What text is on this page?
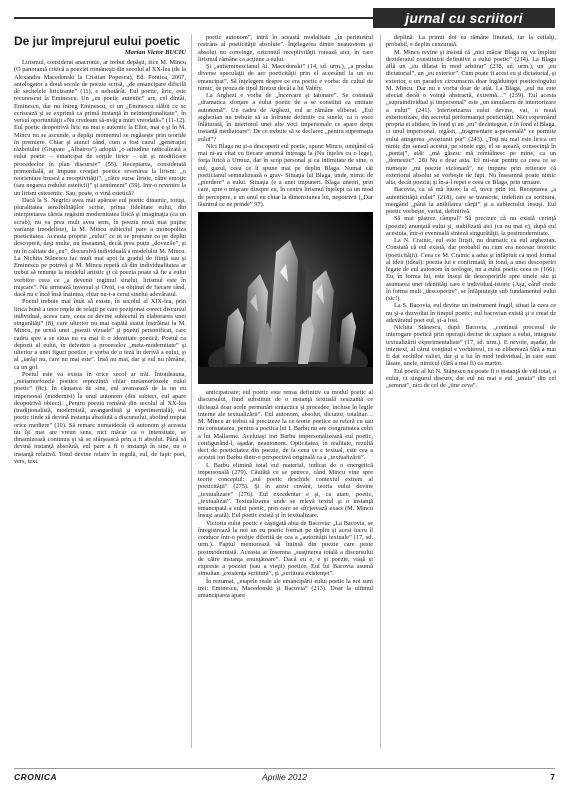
jurnal cu scriitori
De jur împrejurul eului poetic
Marian Victor BUCIU

Lirismul, considerat anacronic, ar trebui depăşit, zice M. Mincu (O panoramă critică a poeziei româneşti din secolul al XX-lea (de la Alexandru Macedonski la Cristian Popescu), Ed. Pontica, 2007, antologator a două secole de poezie scrisă, „de emancipare dificilă de sechelele liricizante” (11), e nehotărât. Eul poetic, liric, este recunoscut la Eminescu. Un „eu poetic autentic” are, cel dintâi, Eminescu, dar nu întreg Eminescu, ci un „Eminescu slăbit ce se ecrisează şi se exprimă ca primă instanţă în neintenţionalitate”, în versul oportunităţii «Nu credeam să-nvăţ a muri vreodată»” (11-12). Eul poetic deopotrivă liric nu mai e autentic la Eliot, mai e şi în M. Mincu nu se ascunde, a depăşi momentul se regăseşte prin teoriile în premiere. Chiar şi atunci când, cum a fost cazul „generaţiei războiului (Grupare „Albatros”) adoptă „o atitudine radicalizată a eului poetic – emancipat de sorţile lirice – cât şi modificare procedeelor în plan discursiv” (55). Receptarea, considerată primordială, ar impune creaţiei poetice revenirea la lirism: „o reorientare bruscă a receptivităţii”, „către surse liriste, către emoţie (sau negarea rodului esteticii)” şi sentiment” (59). Intr-o revenire la un lirism estesentic. Sau, poate, o vină estetică?

Dacă la S. Negrici avea mai apăruse eul poetic dinamic, totuşi, pluralitatea sensibilităţilor scrise, prima fidelitate eului, din interpretarea căreia regăsim modernitatea lirică şi imaginaţia (ca un scrub), nu va prea mult avea sens, în poezia nouă mai puţine varianţe (modeliste), la M. Mincu subiectul pare a monopoliza poeticitatea. Aceasta proprie „eului” ce ni se propune ca pe deplin descoperit, deşi multe, nu înseamnă, decât prea puţin „dovezile”, şi nu în calitate de „eu”, discursivă individuală a modelului M. Mincu. La Nichita Stănescu fac mult mai apoi la gradul de fiinţă sau şi Eminescu pe potrivă şi M. Mincu repetă că din individualitatea ar trebui să renunţe la modelul artistic şi că poezia poate să fie a eului vorbitor ceea ce „a devenit regimul sinelui, lirismul este în mişcare”. Nu urmează inversul şi Ovid, i-a obţinut de fiecare rând, dacă nu e încă însă înaintea, chiar nu-i-a cerut sinelui adevăratul.

Poetul trebuie mai întâi să existe, în secolul al XIX-lea, prin lirica bună a unor reţele de relaţii pe care poziţionat corect discursul individual, aceea care, ceea ce devine subiectul în elaborarea unei singurătăţi” (8), care ulterior nu mai capătă statut înstrăinat la M. Mincu, pe urmă unei „poezii vizuale” şi poetul personificat, care cadru spre a se situa nu va mai fi o identitate poetică. Poetul ca depozit al eului, în deferitor a proceselor „meta-modernitate” şi ulterior a unei figuri poetice, e vorba de o teză în derivă a eului, şi al „iarăşi nu, care nu mai este”. Însă nu mai, dar şi eul nu rămâne, ca un gol.

Poetul este va exista în orice secol ar trăi. Întotdeauna, „metamorfozele poetice reprezintă chiar metamorfozele eului poetic” (8c). În căutarea de sine, eul avansează de la un eu impersonal (modernist) la unul autonom (din subiect, eul apare deopotrivă obiect). „Pentru poezia română din secolul al XX-lea (tradiţionalistă, modernistă, avangardistă şi experimentală), eul poetic tinde să devină instanţa absolută a discursului, abolind treptat orice mediere” (10). Să remarc numaidecât că autonom şi aceasta nu îşi mai are vreun sens, nici măcar ca o intensitate, se dinamizează continuu şi să se sfârşească prin a fi absolut. Până să devină instanţă absolută, eul pare a fi o instanţă în sine, nu o instanţă relativă. Totul devine relativ în regulă, eul, de fapt: poet, vers, text.

poetic autonom”, intră în această modalitate „în perimetrul restrâns al poeticităţii absolute”. Înţelegerea dintre neautonom şi absolut nu convinge, orizontul receptivităţii rotează aici, în care lirismul rămâne ca acţiune a eului.

Şi „antieminescianul Al. Macedonski” (14, sd. urm.), „a produs diverse speculaţii de aer poeticităţii prin el accesând la un eu emancipat”. Să înţelegem despre ce era poetic e vorba: de cultul de nimic, de proza de tipul Breton decât a lui Valéry.

La Arghezi e vorba de „încercare şi tatonare”. Se constată „dramatica sforţare a eului poetic de a se constitui ca entitate autonomă”. Un cadru de Arghezi, eul ar rămâne eliberat. „Eul arghezian nu trebuie să se înfrunte definitiv cu sinele, ca o voce înlăturată, în interiorul unei alte voci impersonale ce apare drept instanţă mediatoare”. De ce trebuie să se declaree „pentru supremaţia eului”?

Nici Blaga nu şi-a descoperit eul poetic, spune Mincu, omiţând că mai ni-au citat cu fiecare amorsă întreaga la (Nu înţeles cu o lege), forţa lirică a Urmuz, dar în scop personal şi ca intimitate de sine, o eul, gazul, ceea ce îi spune mai pe deplin Blaga. Numai cât poeticianul semnalizează o grav- Situaţia lui Blaga, unde, nimic de „pierdere” a eului. Situaţia (e a unei impuneri. Blaga uneori, prin care, spre o mişcare dinspre eu, în centru lirismul înţelept ca un mod de percepere, e un unul eu chiar la dimensiunea lui, nepotrivit („Dar lăuntrul ce ne prinde” 97).

anticipatoare; eul poetic este retras definitiv ca modul poetic al discursului, fiind substituit de o instanţă textuală sesizantă ce dictează doar acele permutări sintactice şi procedee, incluse în legile interne ale textualizării”. Eul autonom, absolut, dictator, totalitar… M. Mincu ar trebui să precizeze la ce teorie poetice se referă cu sau nu constatarea, pentru a poetica lui I. Barbu nu are congruitatea celei a lui Mallarmé. Aceluiaşi ion Barbu impersonalizează eul poetic, configurând-l, aşadar, neautonom. Opticitatea, în realitate, rezultă deci de poeticitatea din poezie, de la ceea ce e textual, este cea a acestui ion Barbu dintr-o perspectivă originală ca a „textualizării”.

I. Barbu elimină total eul material, indicat de o energetică impersonală (279). Căutătă ce se petrece, când Mincu vine spre teorie conceptul: „eul poetic deschide contextul extrem al poeticităţii” (275). Şi în acest cuvânt, teoria eului devine „textualizare” (276). Eul excedentar e şi, ca atare, poetic, „textualizat”. Textualizarea unde se relevă textul şi o instanţă emancipată a eului poetic, prin care se sf(r)erează exact (M. Mincu însuşi arată). Eul poetic există şi în textualizare.

Victoria eului poetic e câştigată abia de Bacovia: „La Bacovia, se înregistrează la noi un eu poetic format pe deplin şi acest lucru îl conduce într-o poziţie diferită de cea a „autorităţii textuale” (17, sd. urm.). Faptul memorează să întinsă din poezie care peste postmodernistă. Aceasta ar însemna „susţinerea totală a discursului de către instanţa enunţătoare”. Dacă eu e, e şi poezie, viaţă şi expresie a poeziei (sau a vieţii) poetice. Eul lui Bacovia asumă simultan „existenţa scriitură”, şi „scriitura existenţei”.

În rezumat, „etapele reale ale emancipării eului poetic la noi sunt trei: Eminescu, Macedonski şi Bacovia” (213). Doar la ultimul emanciparea apare

deplină. La primii doi ea rămâne limitată, iar la ceilalţi, probabil, e deplin cenzurată.

M. Mincu revine şi insistă că „nici măcar Blaga nu va împlini dezideratul constituirii definitive a eului poetic” (214). La Blaga află un „eu dilatat în mod arbitrar” (238, sd. urm.), un „eu dictatorial”, un „eu exterior”. Cum poate fi acest eu şi dictatorial, şi exterior, e un paradox circumscris doar îngăduinţei poeticologului M. Mincu. Dar nu e vorba doar de atât. La Blaga, „eul nu este afectat decât o voinţă abstractă, extremă…” (239). Eul acesta „supraindividual şi impersonal” este „un simulacru de interiorizare a eului” (241). Interiorizarea eului devine, vai, o nouă exteriorizare, din secretul performanţei poeticităţii. Nici exprimând propria ei sfidare, în fond şi un „eu” dezintegrat, e în fond el Blaga, ci unul impersonal, regăsit, „fragmentare a-personală” ce permite eului atingerea „evaziunii pur” (243). „Toţi nu mai este lirica ori nimic din sensul acestui, pe sinele ego, el se aşează, consecinţă în „pontaj”, atât: „mă găsesc mă reîntâlnesc pe mine, ca un „domestic”. 28) Nu e doar asta. Ici mi-ear pentru ca ceea ce se numeşte „mi poezie vizionară”, ne impune prin reiterare că exteriorul absolut se vorbeşte de fapt. Nu înseamnă poate nimic alta, decât poezia; şi în-a-l repet e ceea ce Blaga, prin urmare.

Bacovia, ca să mă întorc la el, trece prin tot. Receptarea „a autenticităţii eului” (218), care se transcrie, indefinit ca scriitura, mergând „până la anihilarea cărţii” şi a subiectului însuşi. Eul poetic vorbeşte, variat, definitivă.

Să mai păstrez câmpul? Să precizez că nu există cerinţă (poezie) anunţată eului şi, stabilizată aici (ca nu mai e), după eul acestuia, într-o eventuală sinteză singurătăţii, la postmodernitate.

La N. Crainic, eul este lirişti, nu dramatic ca eul arghezian. Constată că eul există, dar probabil nu cum era necesar teoretic (poeticităţii). Ceea ce M. Crainic a adus şi înfăptuit ca mod formal al ideii (ideal): poezia lui e confirmată, în fond, a unei descoperiri legate de eul autonom în teologie, nu a eului poetic ceea ce (166). Eu, în forma lui, este înseşi de descoperirile spre sinele său şi asumarea unei identităţi care e individual-istoric (Aşa, când crede în forma mult „descoperire”, se înfăptuieşte sub fundamentul eului (sic!).

La S. Bacovia, eul devine un instrument fragil, situat la ceea ce nu şi-a dezvoltat în timpul poetic; eul bacovian există şi e creat de adevăratul poet eul, şi-a fost.

Nichita Stănescu, după Bacovia, „continuă procesul de interogare poetică prin operaţii decise de captare a eului, integrate textualizării experimentaliste” (17, sd. urm.). E nevoie, aşadar, de intertext, al cărui conţinut e vorbitorul, ce se eliberează fără a mai fi dat vechilor valori, dar şi a lui în mod individual, în care sunt lăsate, unele, nimicul (fără a mai fi) ca martor.

Eul poetic al lui N. Stănescu nu poate fi o instanţă de vid total, a eului, ci singurul discurs, dar eul nu mai e eul „unuia” din cel „semnat”, nici de cel de „tine ceva”.

CRONICA	Aprilie 2012	7
